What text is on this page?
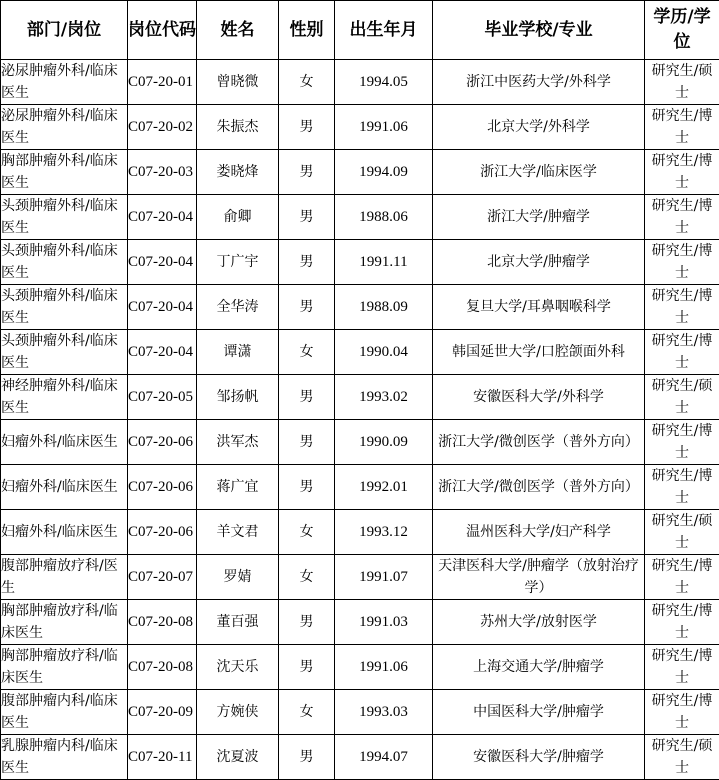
部门/岗位	岗位代码	姓名	性别	出生年月	毕业学校/专业	学历/学位
泌尿肿瘤外科/临床医生	C07-20-01	曾晓微	女	1994.05	浙江中医药大学/外科学	研究生/硕士
泌尿肿瘤外科/临床医生	C07-20-02	朱振杰	男	1991.06	北京大学/外科学	研究生/博士
胸部肿瘤外科/临床医生	C07-20-03	娄晓烽	男	1994.09	浙江大学/临床医学	研究生/博士
头颈肿瘤外科/临床医生	C07-20-04	俞卿	男	1988.06	浙江大学/肿瘤学	研究生/博士
头颈肿瘤外科/临床医生	C07-20-04	丁广宇	男	1991.11	北京大学/肿瘤学	研究生/博士
头颈肿瘤外科/临床医生	C07-20-04	全华涛	男	1988.09	复旦大学/耳鼻咽喉科学	研究生/博士
头颈肿瘤外科/临床医生	C07-20-04	谭潇	女	1990.04	韩国延世大学/口腔颌面外科	研究生/博士
神经肿瘤外科/临床医生	C07-20-05	邹扬帆	男	1993.02	安徽医科大学/外科学	研究生/硕士
妇瘤外科/临床医生	C07-20-06	洪军杰	男	1990.09	浙江大学/微创医学（普外方向）	研究生/博士
妇瘤外科/临床医生	C07-20-06	蒋广宜	男	1992.01	浙江大学/微创医学（普外方向）	研究生/博士
妇瘤外科/临床医生	C07-20-06	羊文君	女	1993.12	温州医科大学/妇产科学	研究生/硕士
腹部肿瘤放疗科/医生	C07-20-07	罗婧	女	1991.07	天津医科大学/肿瘤学（放射治疗学）	研究生/博士
胸部肿瘤放疗科/临床医生	C07-20-08	董百强	男	1991.03	苏州大学/放射医学	研究生/博士
胸部肿瘤放疗科/临床医生	C07-20-08	沈天乐	男	1991.06	上海交通大学/肿瘤学	研究生/博士
腹部肿瘤内科/临床医生	C07-20-09	方婉侠	女	1993.03	中国医科大学/肿瘤学	研究生/博士
乳腺肿瘤内科/临床医生	C07-20-11	沈夏波	男	1994.07	安徽医科大学/肿瘤学	研究生/硕士
